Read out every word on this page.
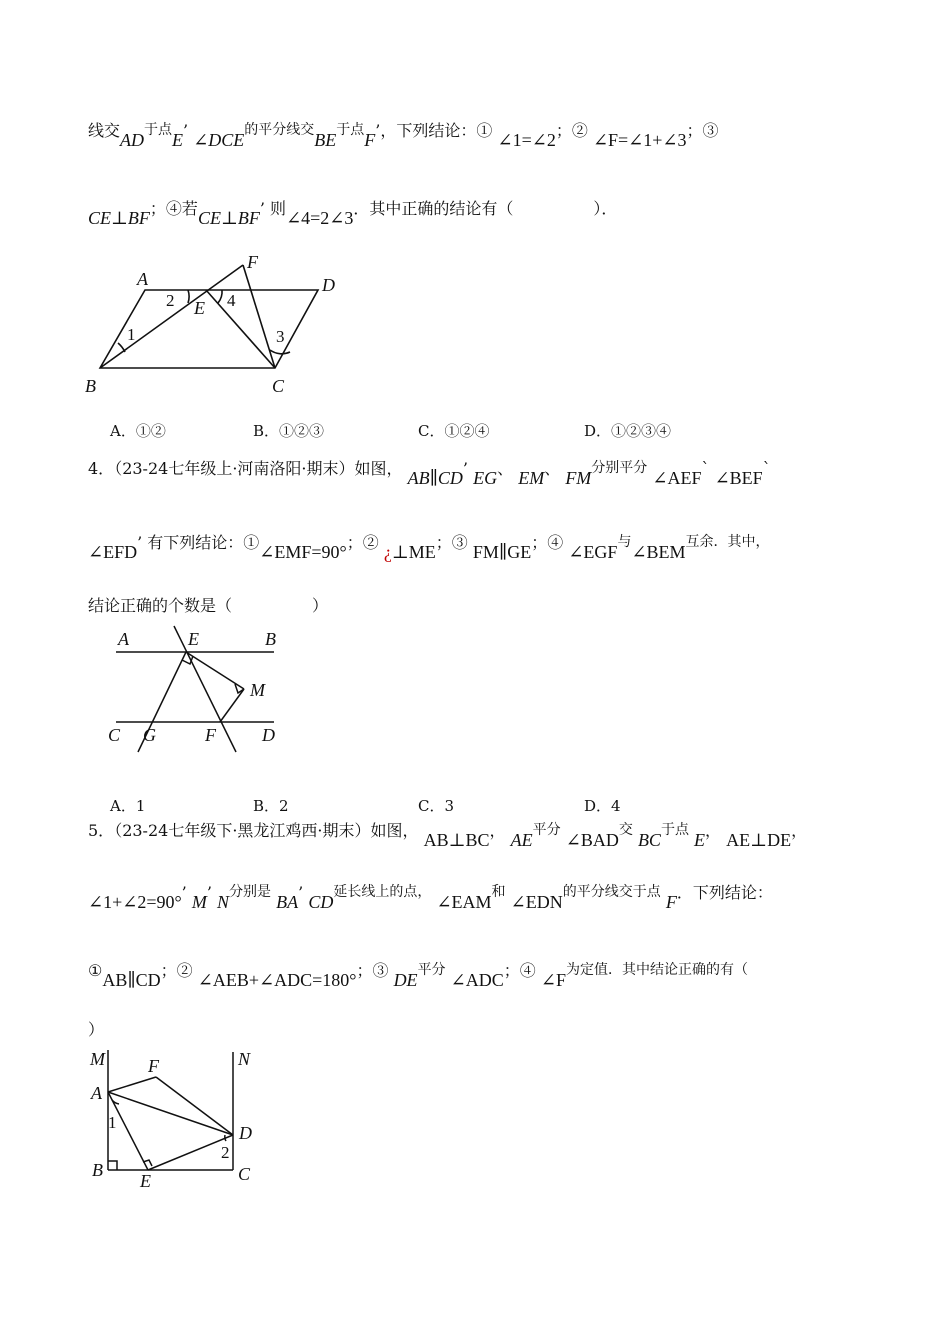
线交AD于点E’ ∠DCE的平分线交BE于点F’，下列结论：① ∠1=∠2；② ∠F=∠1+∠3；③
CE⊥BF；④若CE⊥BF’ 则∠4=2∠3．其中正确的结论有（　　　　　）．
A
B	C
D
E
F
1
2
3
4
A．①②	B．①②③	C．①②④	D．①②③④
4．（23-24七年级上·河南洛阳·期末）如图， AB∥CD’ EG、 EM、 FM分别平分 ∠AEF` ∠BEF`
∠EFD’ 有下列结论：①∠EMF=90°；② ¿⊥ME；③ FM∥GE；④ ∠EGF与∠BEM互余．其中，
结论正确的个数是（　　　　　）
A	E	B
M
C G	F	D
A．1	B．2	C．3	D．4
5．（23-24七年级下·黑龙江鸡西·期末）如图， AB⊥BC， AE平分 ∠BAD交 BC于点 E， AE⊥DE，
∠1+∠2=90°’ M’ N分别是 BA’ CD延长线上的点， ∠EAM和 ∠EDN的平分线交于点 F．下列结论：
①AB∥CD；② ∠AEB+∠ADC=180°；③ DE平分 ∠ADC；④ ∠F为定值．其中结论正确的有（
）
M	N
F
A
D
1
2
B
E	C
